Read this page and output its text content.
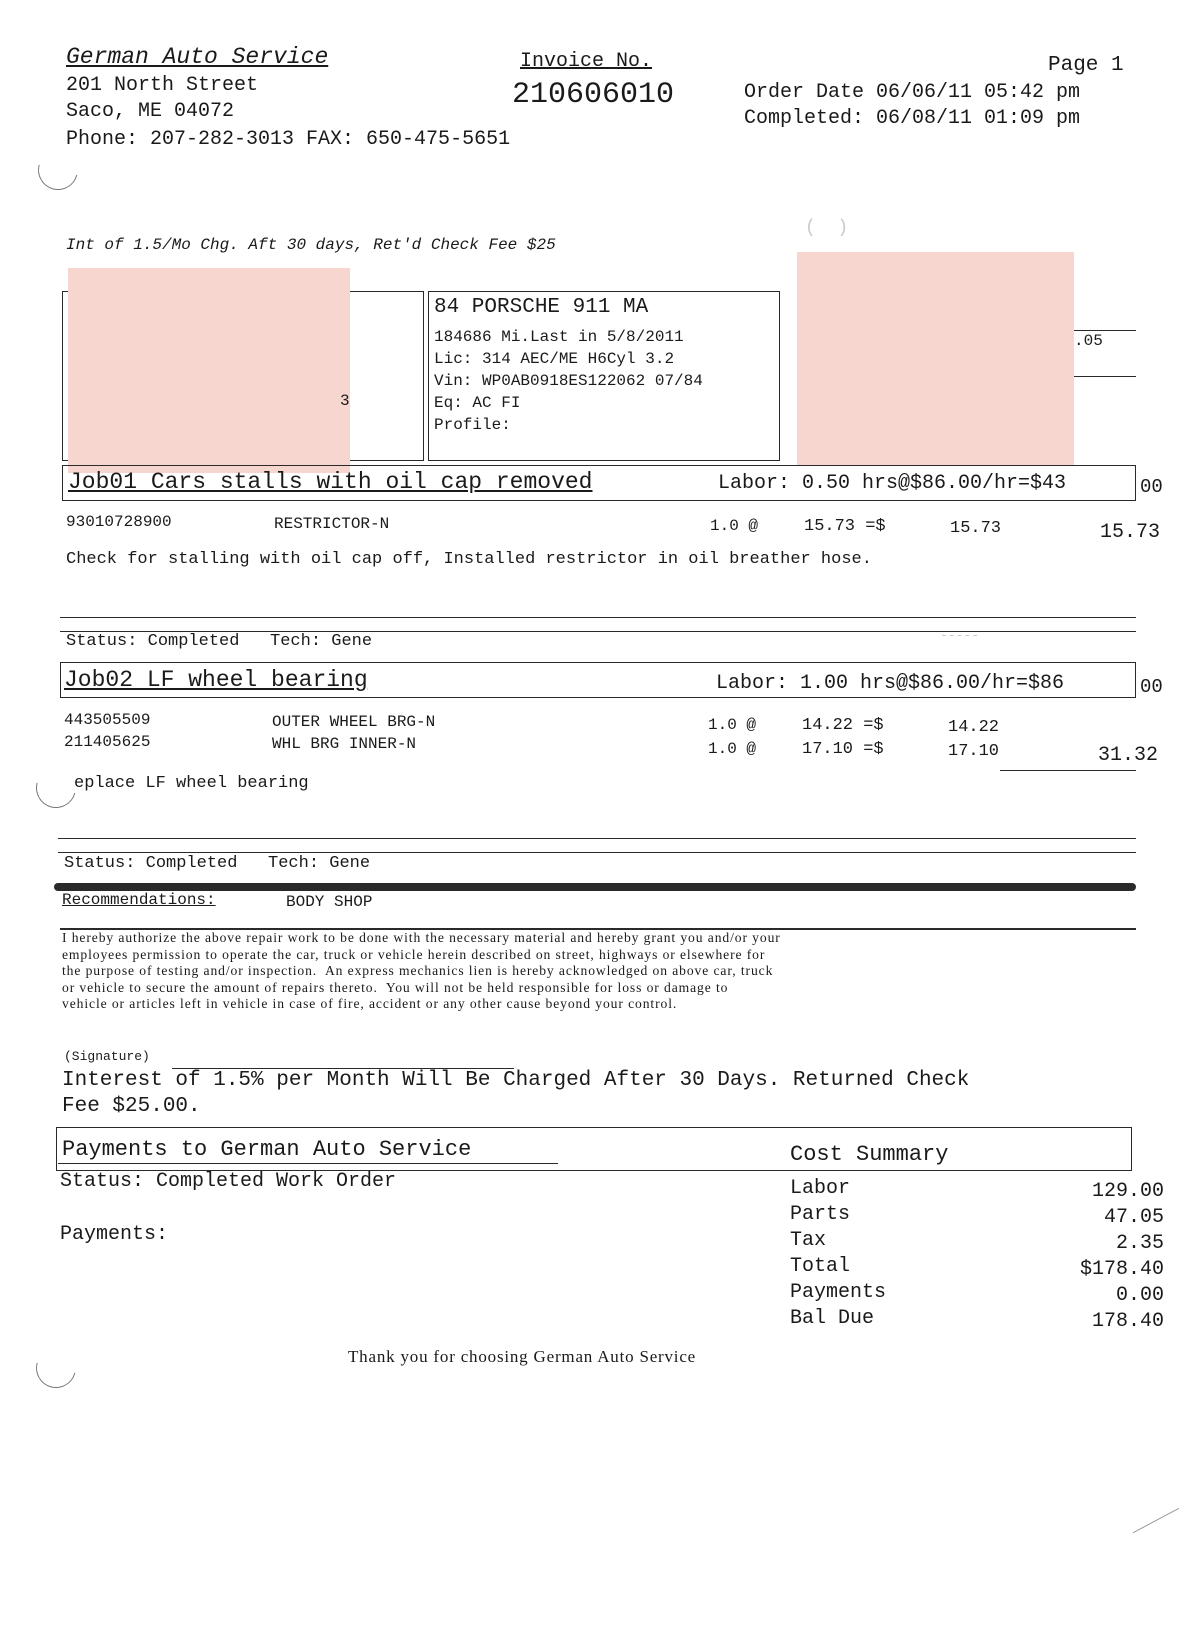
(  )
-----
German Auto Service
201 North Street
Saco, ME 04072
Phone: 207-282-3013 FAX: 650-475-5651
Invoice No.
210606010
Page 1
Order Date 06/06/11 05:42 pm
Completed: 06/08/11 01:09 pm
Int of 1.5/Mo Chg. Aft 30 days, Ret'd Check Fee $25
3
84 PORSCHE 911 MA
184686 Mi.Last in 5/8/2011
Lic: 314 AEC/ME H6Cyl 3.2
Vin: WP0AB0918ES122062 07/84
Eq: AC FI
Profile:
.05
Job01 Cars stalls with oil cap removed	Labor: 0.50 hrs@$86.00/hr=$43	00
93010728900	RESTRICTOR-N	1.0 @	15.73 =$	15.73	15.73
Check for stalling with oil cap off, Installed restrictor in oil breather hose.
Status: Completed   Tech: Gene
Job02 LF wheel bearing	Labor: 1.00 hrs@$86.00/hr=$86	00
443505509	OUTER WHEEL BRG-N	1.0 @	14.22 =$	14.22
211405625	WHL BRG INNER-N	1.0 @	17.10 =$	17.10	31.32
eplace LF wheel bearing
Status: Completed   Tech: Gene
Recommendations:	BODY SHOP
I hereby authorize the above repair work to be done with the necessary material and hereby grant you and/or your
employees permission to operate the car, truck or vehicle herein described on street, highways or elsewhere for
the purpose of testing and/or inspection.  An express mechanics lien is hereby acknowledged on above car, truck
or vehicle to secure the amount of repairs thereto.  You will not be held responsible for loss or damage to
vehicle or articles left in vehicle in case of fire, accident or any other cause beyond your control.
(Signature)
Interest of 1.5% per Month Will Be Charged After 30 Days. Returned Check
Fee $25.00.
Payments to German Auto Service	Cost Summary
Status: Completed Work Order
Payments:
Labor	129.00
Parts	47.05
Tax	2.35
Total	$178.40
Payments	0.00
Bal Due	178.40
Thank you for choosing German Auto Service
